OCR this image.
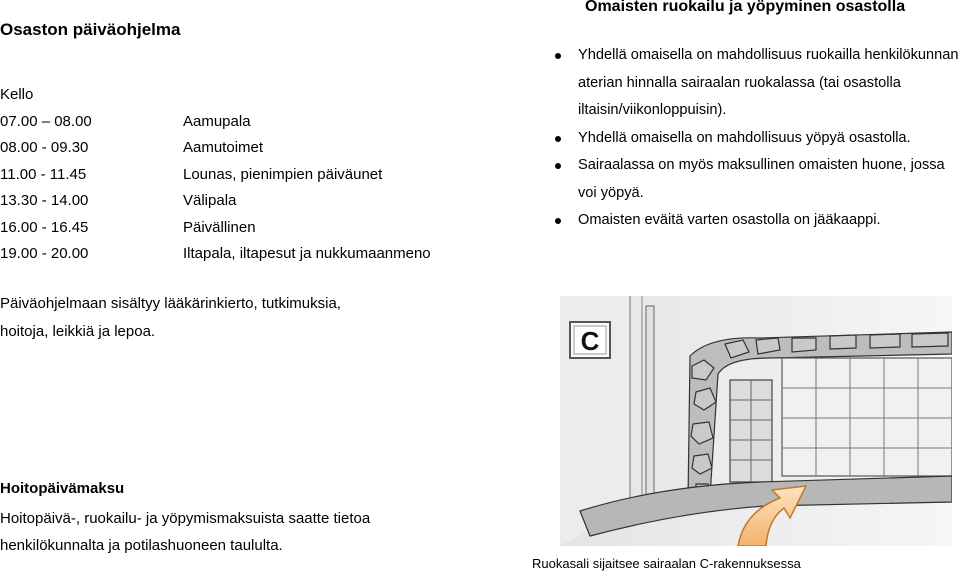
Osaston päiväohjelma
Kello
07.00 – 08.00	Aamupala
08.00 - 09.30	Aamutoimet
11.00 - 11.45	Lounas, pienimpien päiväunet
13.30 - 14.00	Välipala
16.00 - 16.45	Päivällinen
19.00 - 20.00	Iltapala, iltapesut ja nukkumaanmeno
Omaisten ruokailu ja yöpyminen osastolla
Yhdellä omaisella on mahdollisuus ruokailla henkilökunnan aterian hinnalla sairaalan ruokalassa (tai osastolla iltaisin/viikonloppuisin).
Yhdellä omaisella on mahdollisuus yöpyä osastolla.
Sairaalassa on myös maksullinen omaisten huone, jossa voi yöpyä.
Omaisten eväitä varten osastolla on jääkaappi.
Päiväohjelmaan sisältyy lääkärinkierto, tutkimuksia,
hoitoja, leikkiä ja lepoa.
Hoitopäivämaksu
Hoitopäivä-, ruokailu- ja yöpymismaksuista saatte tietoa
henkilökunnalta ja potilashuoneen taululta.
C
Ruokasali sijaitsee sairaalan C-rakennuksessa
